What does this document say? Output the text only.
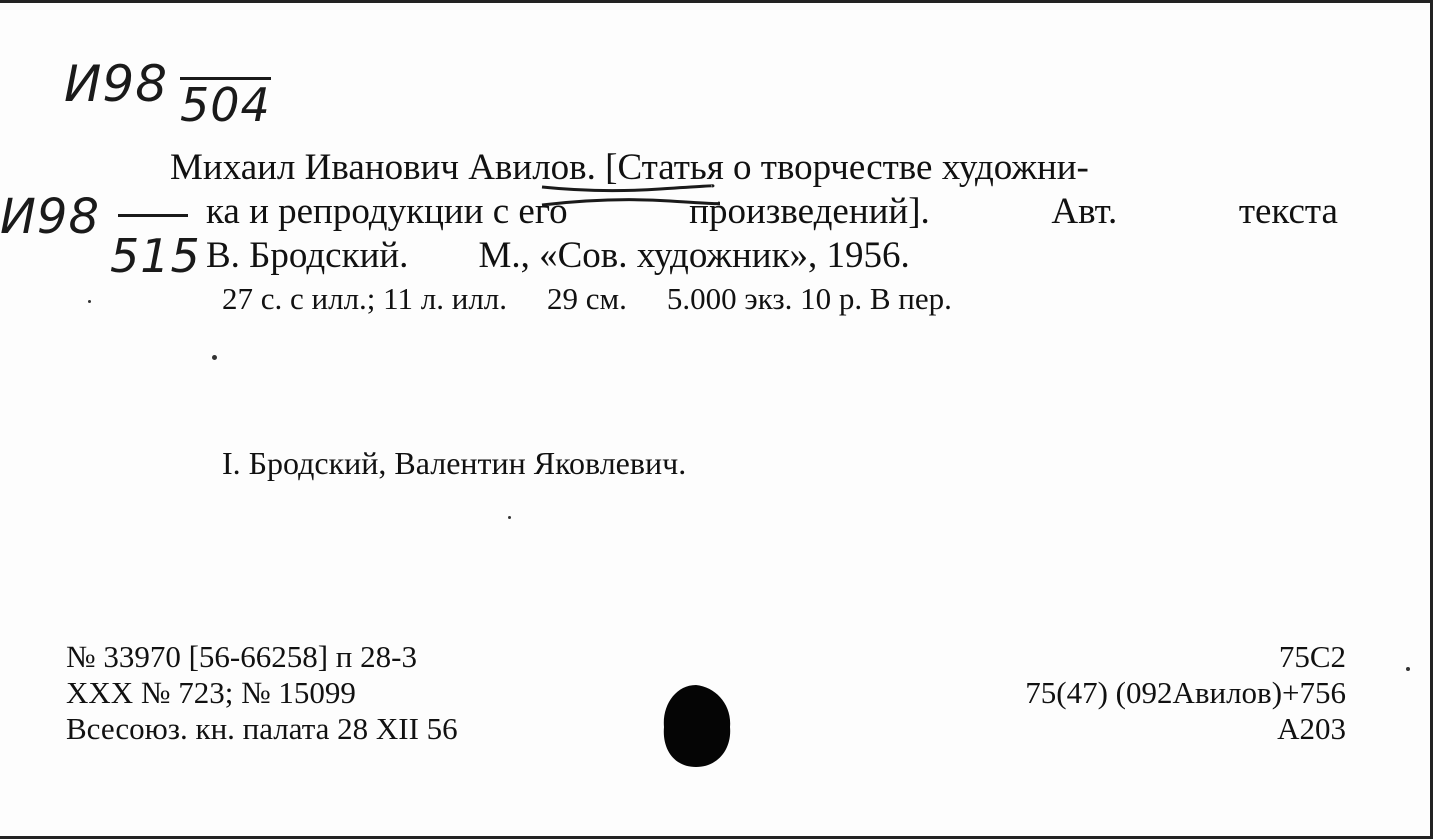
И98 504
И98
515
Михаил Иванович Авилов. [Статья о творчестве художни-
ка и репродукции с его	произведений].	Авт.	текста
В. Бродский. М., «Сов. художник», 1956.
27 с. с илл.; 11 л. илл. 29 см. 5.000 экз. 10 р. В пер.
I. Бродский, Валентин Яковлевич.
№ 33970 [56-66258] п 28-3
XXX № 723; № 15099
Всесоюз. кн. палата 28 XII 56
75С2
75(47) (092Авилов)+756
А203
